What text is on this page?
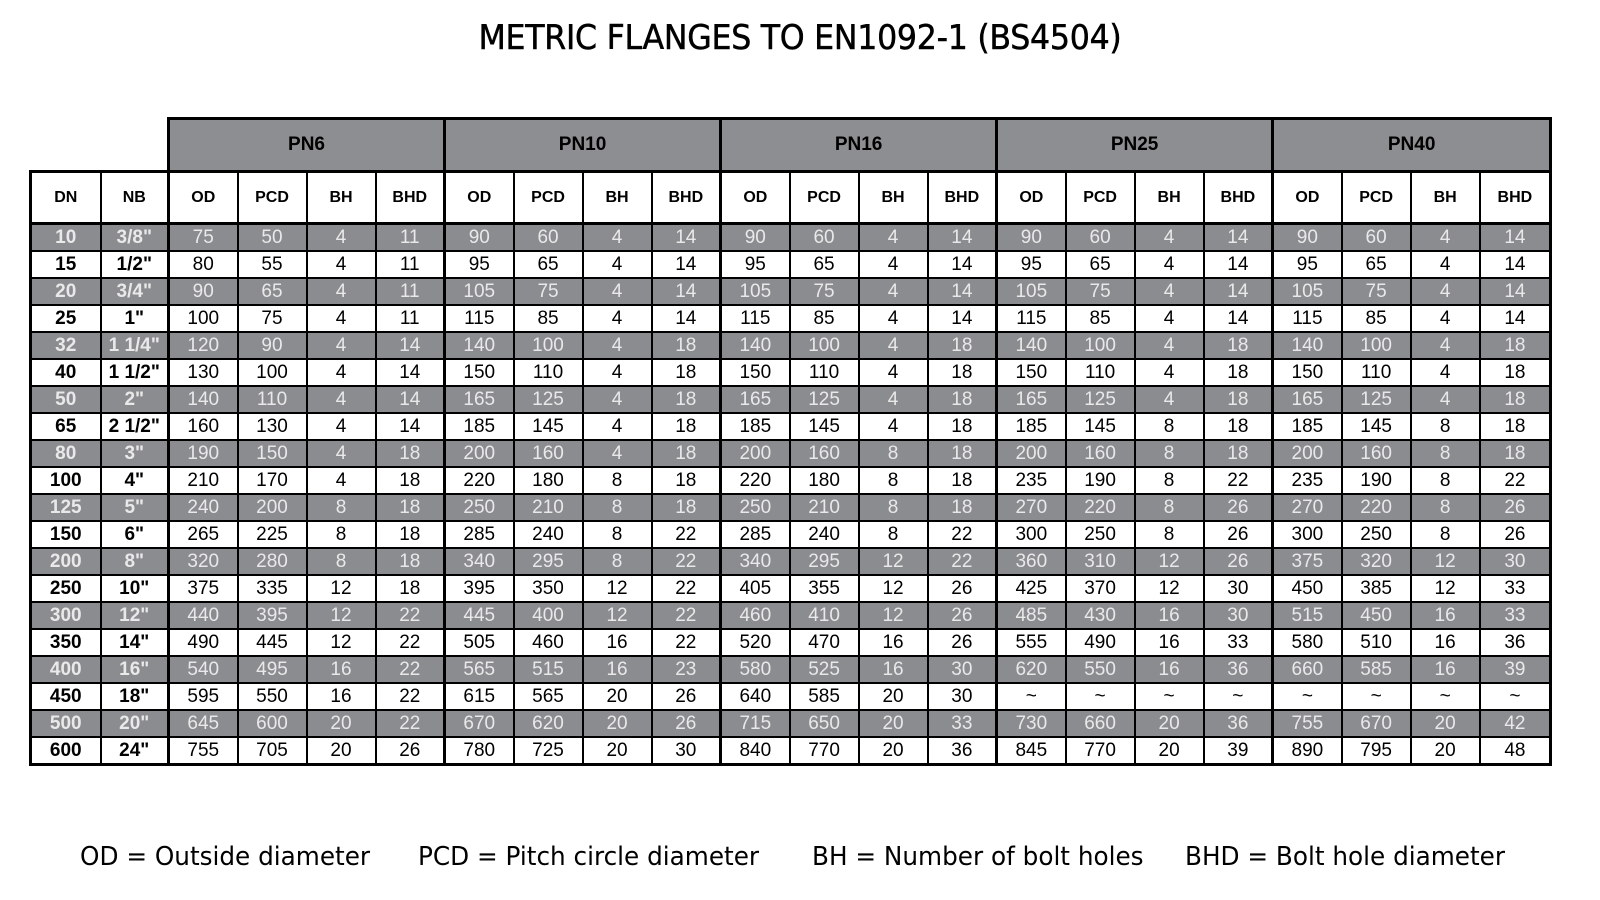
METRIC FLANGES TO EN1092-1 (BS4504)
		PN6				PN10				PN16				PN25				PN40			
DN	NB	OD	PCD	BH	BHD	OD	PCD	BH	BHD	OD	PCD	BH	BHD	OD	PCD	BH	BHD	OD	PCD	BH	BHD
10	3/8"	75	50	4	11	90	60	4	14	90	60	4	14	90	60	4	14	90	60	4	14
15	1/2"	80	55	4	11	95	65	4	14	95	65	4	14	95	65	4	14	95	65	4	14
20	3/4"	90	65	4	11	105	75	4	14	105	75	4	14	105	75	4	14	105	75	4	14
25	1"	100	75	4	11	115	85	4	14	115	85	4	14	115	85	4	14	115	85	4	14
32	1 1/4"	120	90	4	14	140	100	4	18	140	100	4	18	140	100	4	18	140	100	4	18
40	1 1/2"	130	100	4	14	150	110	4	18	150	110	4	18	150	110	4	18	150	110	4	18
50	2"	140	110	4	14	165	125	4	18	165	125	4	18	165	125	4	18	165	125	4	18
65	2 1/2"	160	130	4	14	185	145	4	18	185	145	4	18	185	145	8	18	185	145	8	18
80	3"	190	150	4	18	200	160	4	18	200	160	8	18	200	160	8	18	200	160	8	18
100	4"	210	170	4	18	220	180	8	18	220	180	8	18	235	190	8	22	235	190	8	22
125	5"	240	200	8	18	250	210	8	18	250	210	8	18	270	220	8	26	270	220	8	26
150	6"	265	225	8	18	285	240	8	22	285	240	8	22	300	250	8	26	300	250	8	26
200	8"	320	280	8	18	340	295	8	22	340	295	12	22	360	310	12	26	375	320	12	30
250	10"	375	335	12	18	395	350	12	22	405	355	12	26	425	370	12	30	450	385	12	33
300	12"	440	395	12	22	445	400	12	22	460	410	12	26	485	430	16	30	515	450	16	33
350	14"	490	445	12	22	505	460	16	22	520	470	16	26	555	490	16	33	580	510	16	36
400	16"	540	495	16	22	565	515	16	23	580	525	16	30	620	550	16	36	660	585	16	39
450	18"	595	550	16	22	615	565	20	26	640	585	20	30	~	~	~	~	~	~	~	~
500	20"	645	600	20	22	670	620	20	26	715	650	20	33	730	660	20	36	755	670	20	42
600	24"	755	705	20	26	780	725	20	30	840	770	20	36	845	770	20	39	890	795	20	48
OD = Outside diameter PCD = Pitch circle diameter BH = Number of bolt holes BHD = Bolt hole diameter
